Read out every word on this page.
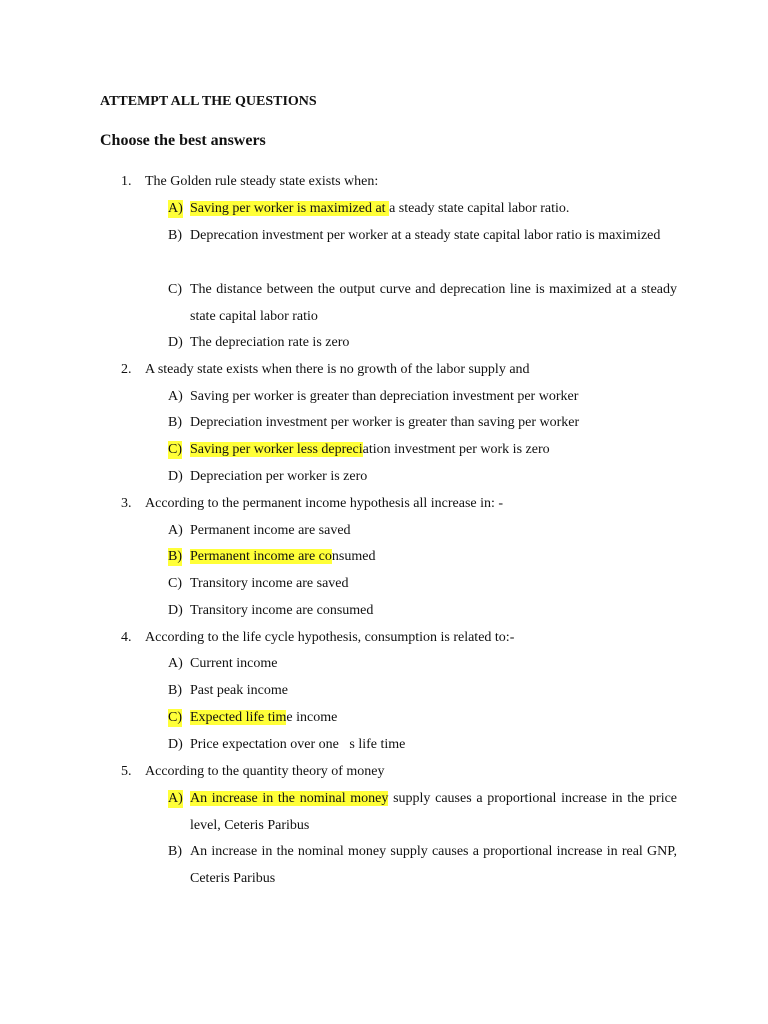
ATTEMPT ALL THE QUESTIONS
Choose the best answers
1. The Golden rule steady state exists when:
A) Saving per worker is maximized at a steady state capital labor ratio.
B) Deprecation investment per worker at a steady state capital labor ratio is maximized
C) The distance between the output curve and deprecation line is maximized at a steady state capital labor ratio
D) The depreciation rate is zero
2. A steady state exists when there is no growth of the labor supply and
A) Saving per worker is greater than depreciation investment per worker
B) Depreciation investment per worker is greater than saving per worker
C) Saving per worker less depreciation investment per work is zero
D) Depreciation per worker is zero
3. According to the permanent income hypothesis all increase in: -
A) Permanent income are saved
B) Permanent income are consumed
C) Transitory income are saved
D) Transitory income are consumed
4. According to the life cycle hypothesis, consumption is related to:-
A) Current income
B) Past peak income
C) Expected life time income
D) Price expectation over one   s life time
5. According to the quantity theory of money
A) An increase in the nominal money supply causes a proportional increase in the price level, Ceteris Paribus
B) An increase in the nominal money supply causes a proportional increase in real GNP, Ceteris Paribus
